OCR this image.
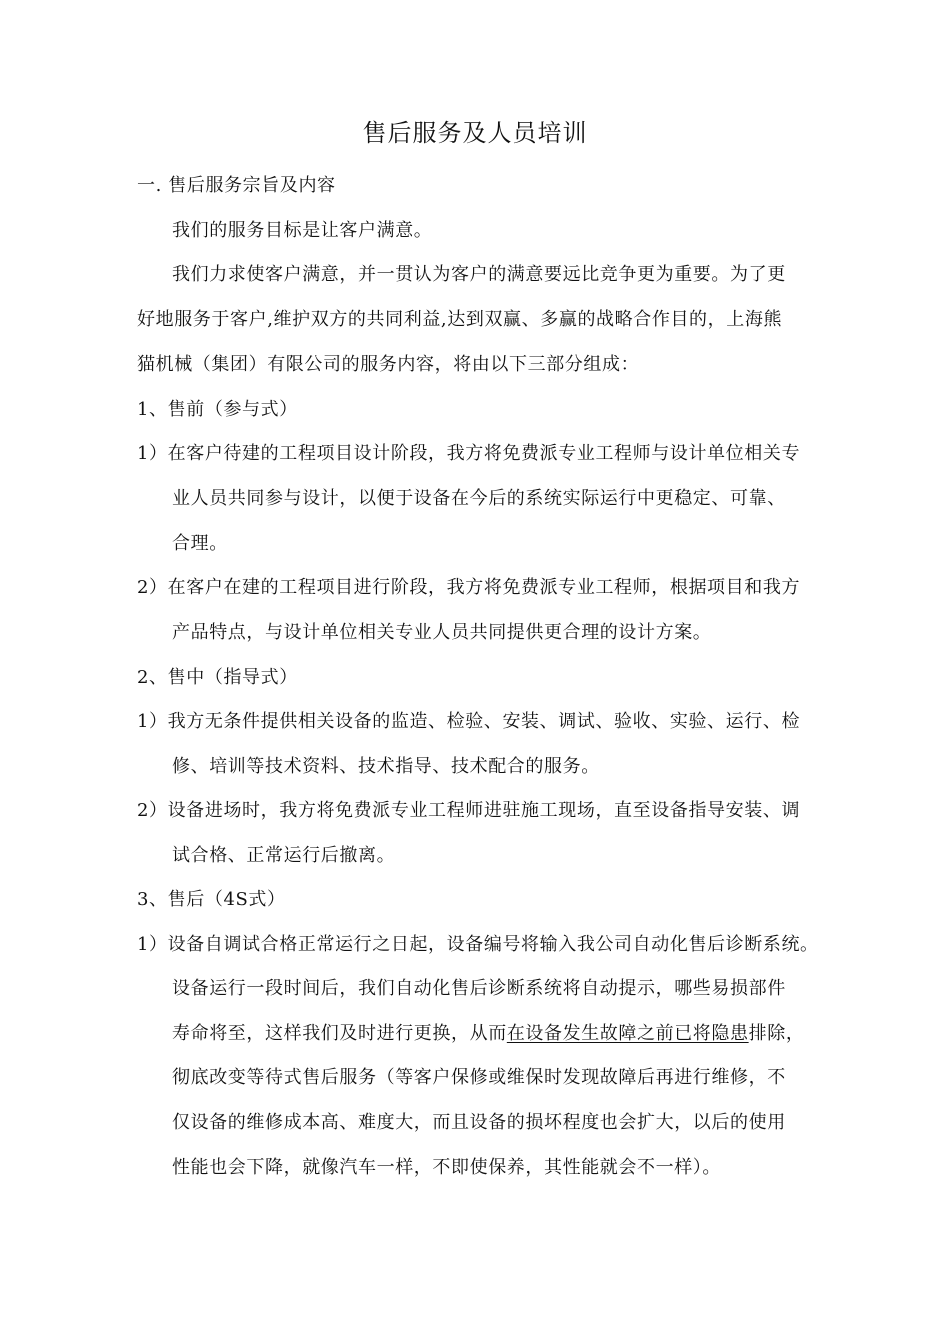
售后服务及人员培训
一. 售后服务宗旨及内容
我们的服务目标是让客户满意。
我们力求使客户满意，并一贯认为客户的满意要远比竞争更为重要。为了更
好地服务于客户,维护双方的共同利益,达到双赢、多赢的战略合作目的，上海熊
猫机械（集团）有限公司的服务内容，将由以下三部分组成：
1、售前（参与式）
1）在客户待建的工程项目设计阶段，我方将免费派专业工程师与设计单位相关专
业人员共同参与设计，以便于设备在今后的系统实际运行中更稳定、可靠、
合理。
2）在客户在建的工程项目进行阶段，我方将免费派专业工程师，根据项目和我方
产品特点，与设计单位相关专业人员共同提供更合理的设计方案。
2、售中（指导式）
1）我方无条件提供相关设备的监造、检验、安装、调试、验收、实验、运行、检
修、培训等技术资料、技术指导、技术配合的服务。
2）设备进场时，我方将免费派专业工程师进驻施工现场，直至设备指导安装、调
试合格、正常运行后撤离。
3、售后（4S式）
1）设备自调试合格正常运行之日起，设备编号将输入我公司自动化售后诊断系统。
设备运行一段时间后，我们自动化售后诊断系统将自动提示，哪些易损部件
寿命将至，这样我们及时进行更换，从而在设备发生故障之前已将隐患排除，
彻底改变等待式售后服务（等客户保修或维保时发现故障后再进行维修，不
仅设备的维修成本高、难度大，而且设备的损坏程度也会扩大，以后的使用
性能也会下降，就像汽车一样，不即使保养，其性能就会不一样）。
